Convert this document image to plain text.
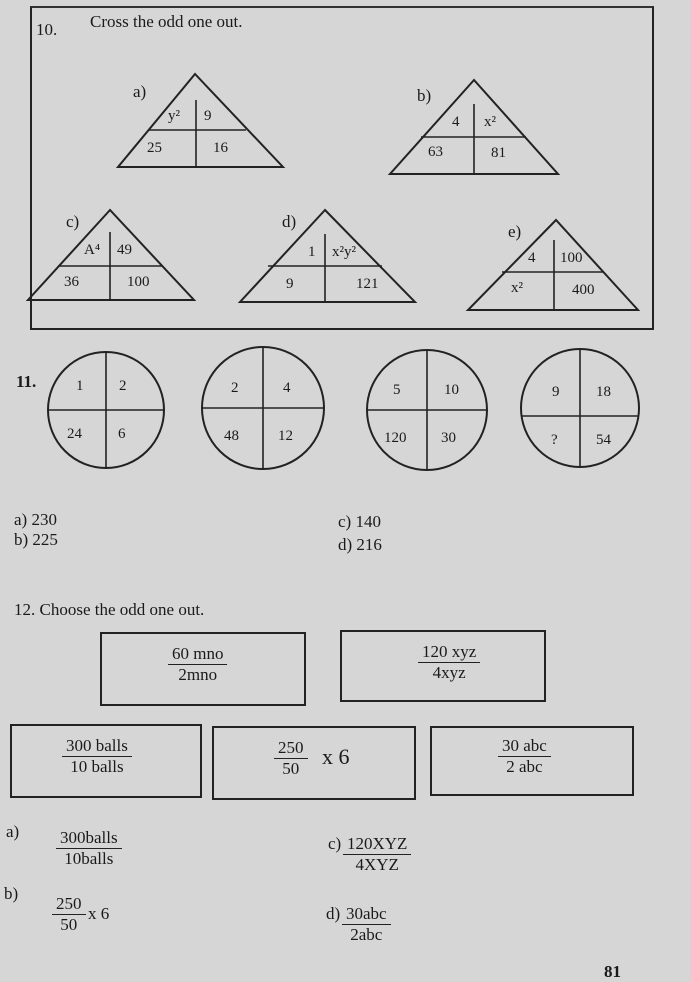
10. Cross the odd one out.
a)
y² 9
25	16
b)
4 x²
63	81
c)
A⁴ 49
36	100
d)
1 x²y²
9	121
e)
4 100
x²	400
11.	1 2
24 6
2	4
48	12
5	10
120 30
9 18
?	54
a) 230
b) 225
c) 140
d) 216
12. Choose the odd one out.
60 mno
2mno
120 xyz
4xyz
300 balls
10 balls	$\frac{250}{50}$ x 6	30 abc
2 abc
a) 300balls
10balls
b)
$\frac{250}{50}$ x 6
c) 120XYZ
4XYZ
d) 30abc
2abc
81
